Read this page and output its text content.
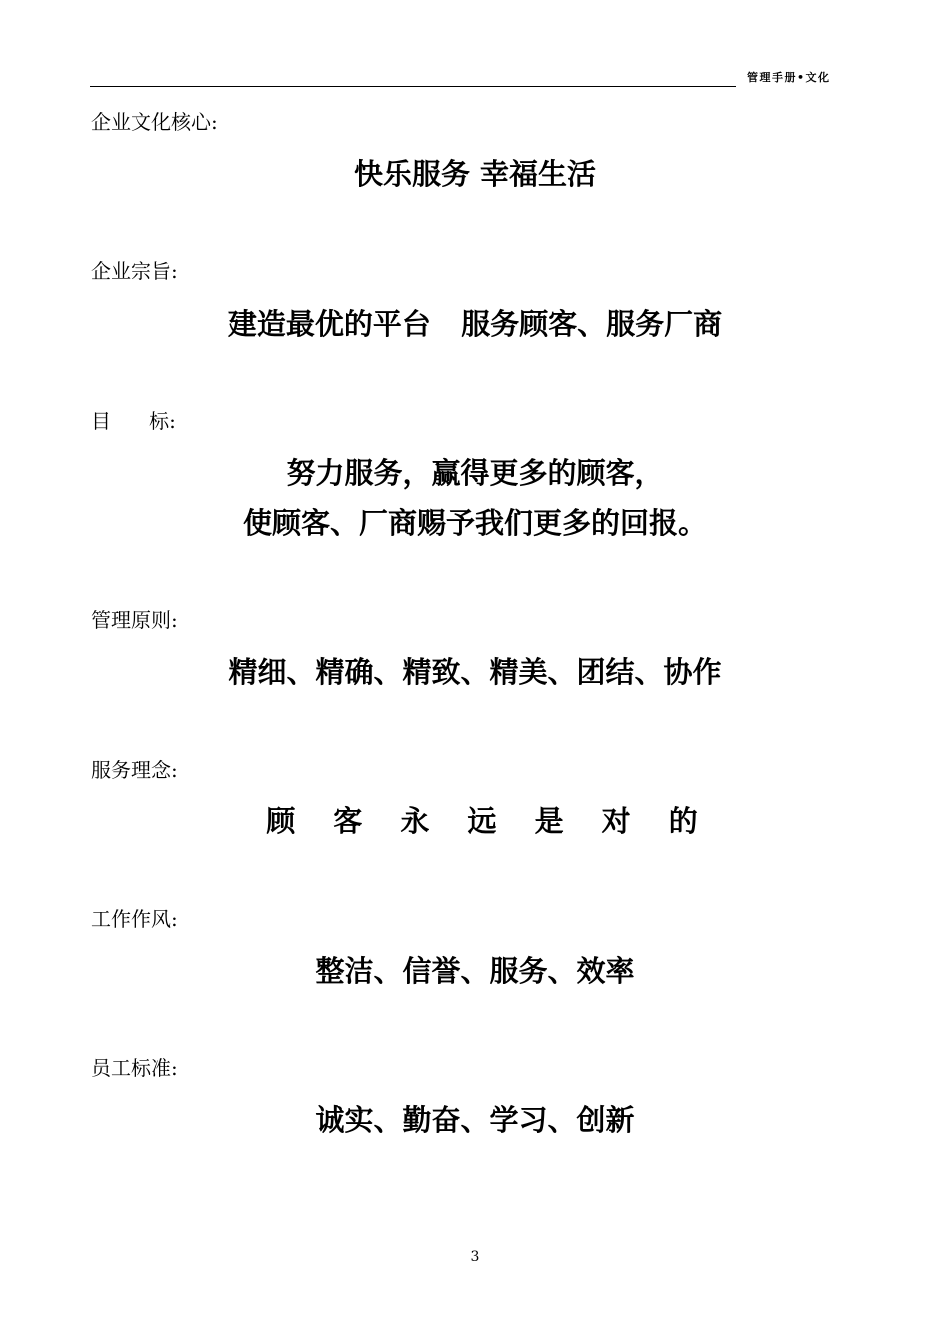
管理手册•文化
企业文化核心:
快乐服务 幸福生活
企业宗旨:
建造最优的平台   服务顾客、服务厂商
目      标:
努力服务，赢得更多的顾客，
使顾客、厂商赐予我们更多的回报。
管理原则:
精细、精确、精致、精美、团结、协作
服务理念:
顾 客 永 远 是 对 的
工作作风:
整洁、信誉、服务、效率
员工标准:
诚实、勤奋、学习、创新
3
